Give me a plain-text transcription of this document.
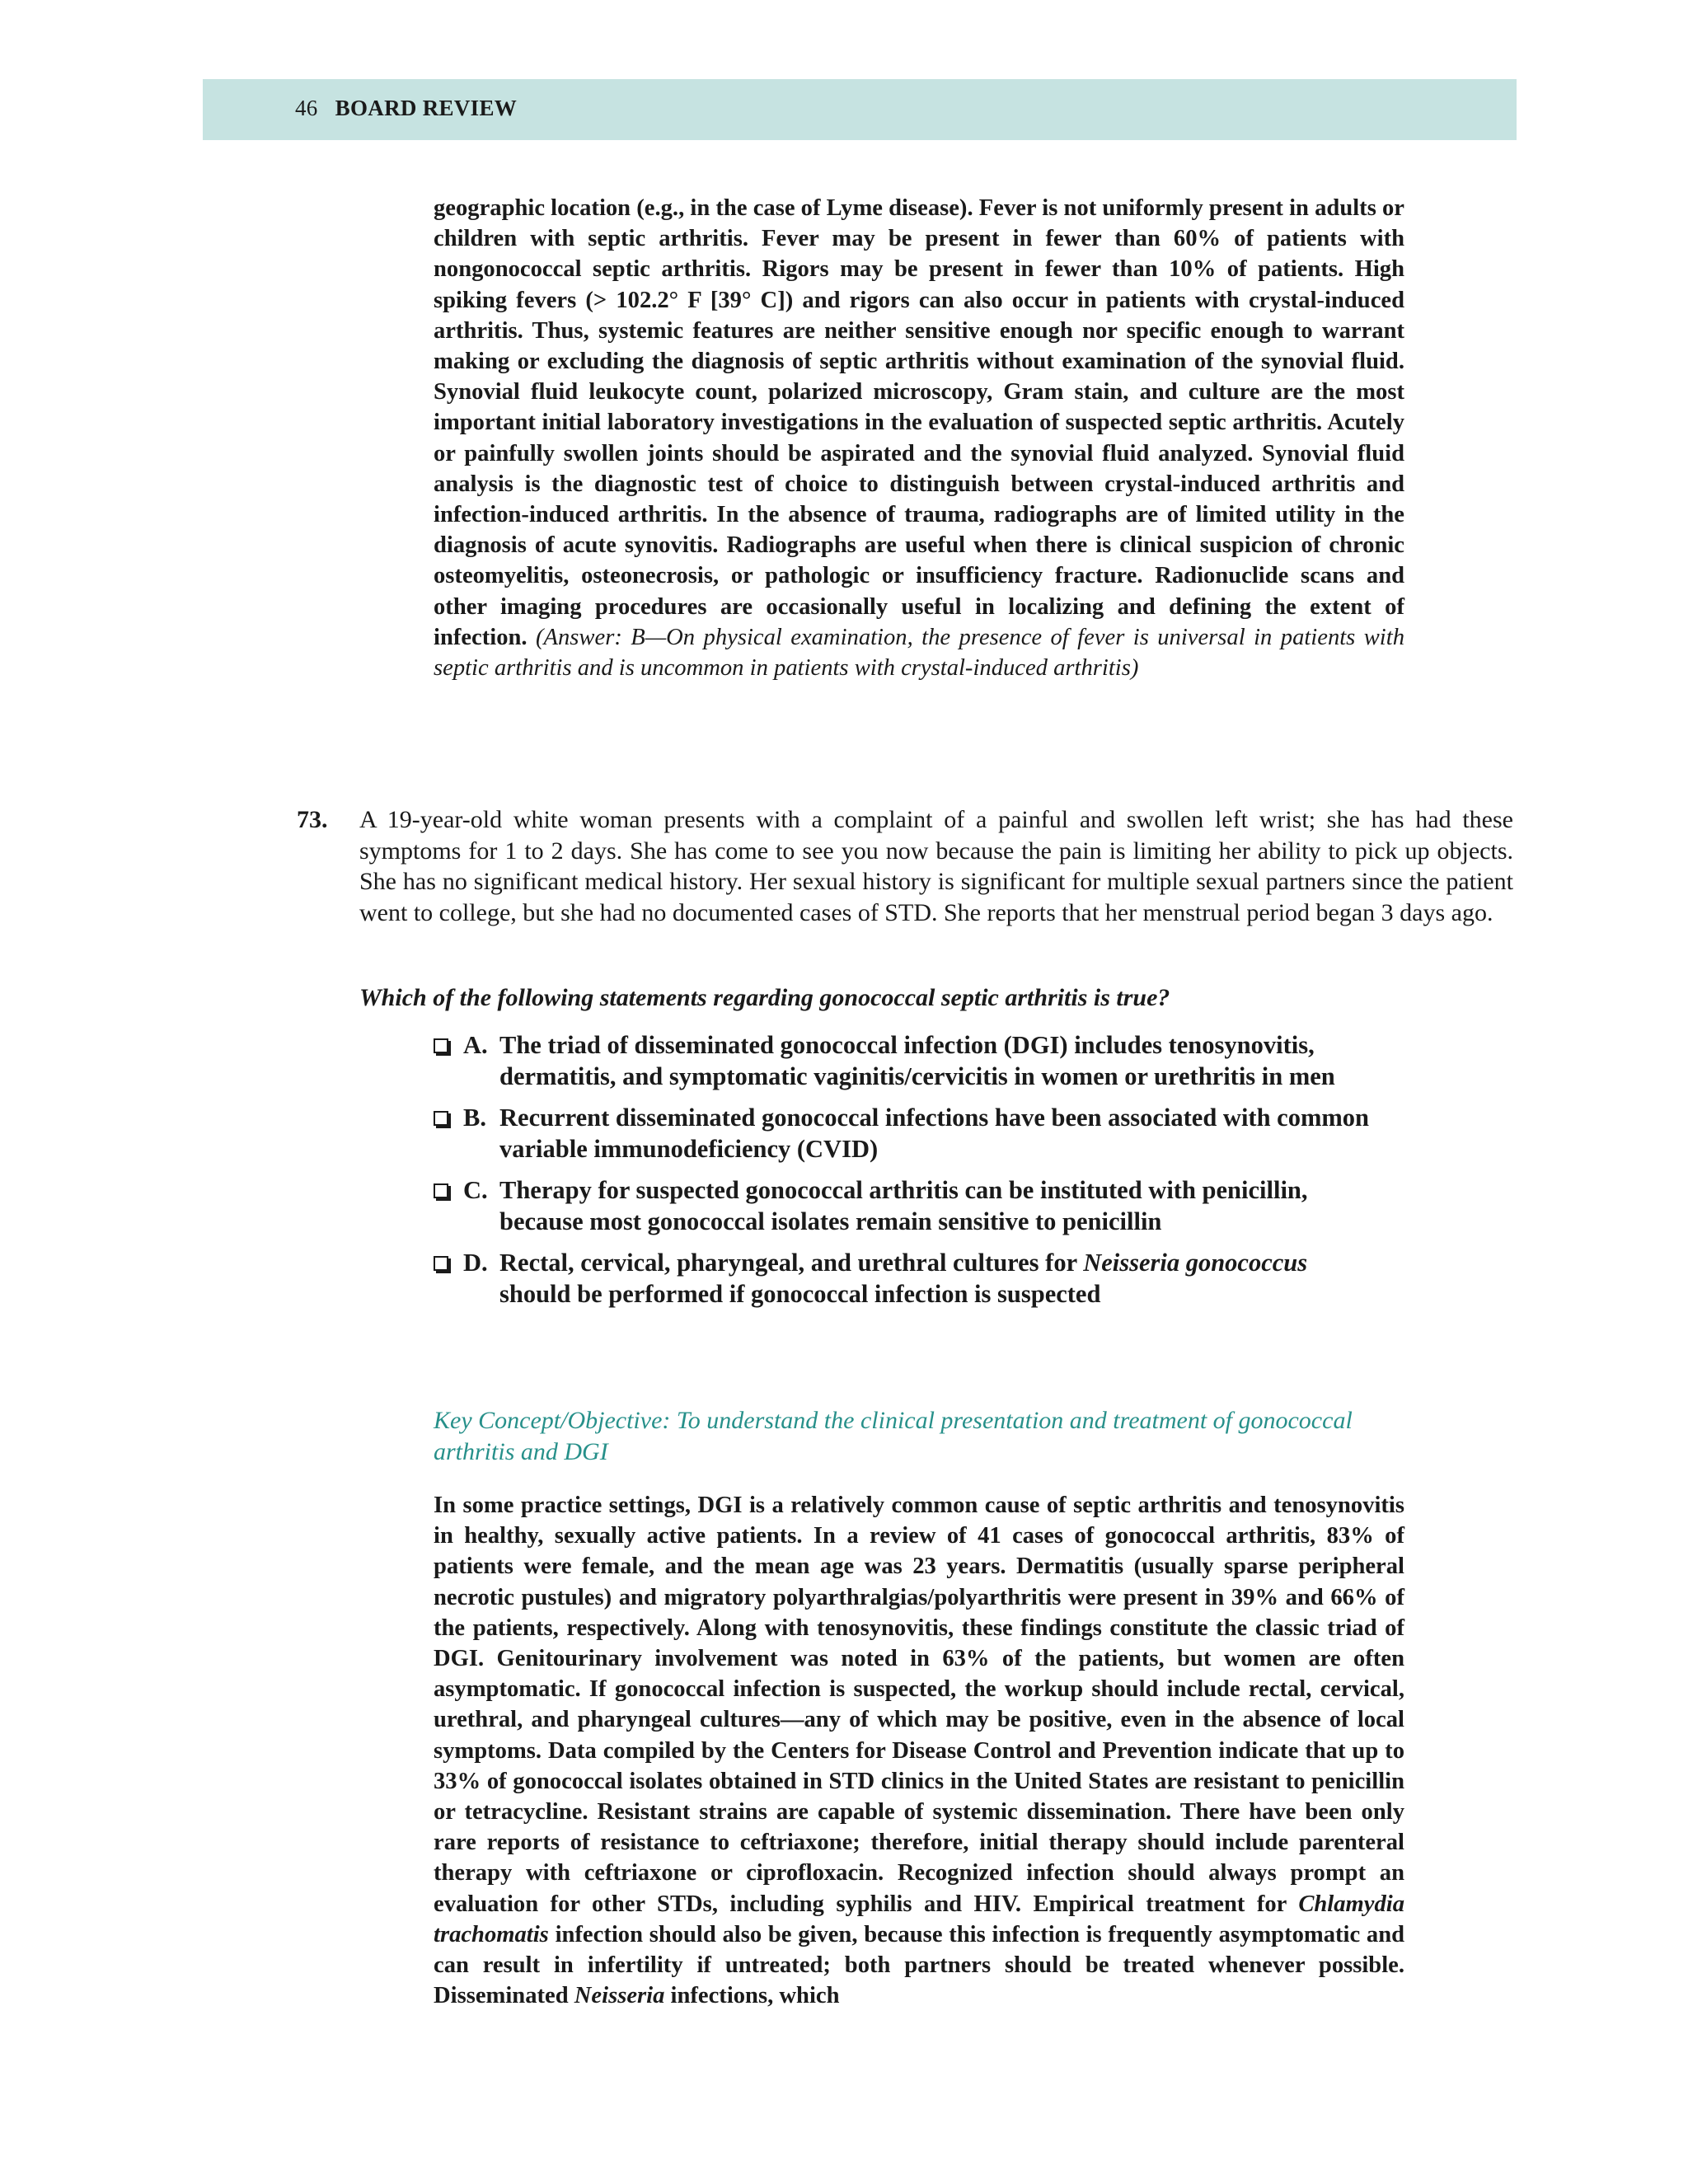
46 BOARD REVIEW

geographic location (e.g., in the case of Lyme disease). Fever is not uniformly present in adults or children with septic arthritis. Fever may be present in fewer than 60% of patients with nongonococcal septic arthritis. Rigors may be present in fewer than 10% of patients. High spiking fevers (> 102.2° F [39° C]) and rigors can also occur in patients with crystal-induced arthritis. Thus, systemic features are neither sensitive enough nor specific enough to warrant making or excluding the diagnosis of septic arthritis without examination of the synovial fluid. Synovial fluid leukocyte count, polarized microscopy, Gram stain, and culture are the most important initial laboratory investigations in the evaluation of suspected septic arthritis. Acutely or painfully swollen joints should be aspirated and the synovial fluid analyzed. Synovial fluid analysis is the diagnostic test of choice to distinguish between crystal-induced arthritis and infection-induced arthritis. In the absence of trauma, radiographs are of limited utility in the diagnosis of acute synovitis. Radiographs are useful when there is clinical suspicion of chronic osteomyelitis, osteonecrosis, or pathologic or insufficiency fracture. Radionuclide scans and other imaging procedures are occasionally useful in localizing and defining the extent of infection. (Answer: B—On physical examination, the presence of fever is universal in patients with septic arthritis and is uncommon in patients with crystal-induced arthritis)

73. A 19-year-old white woman presents with a complaint of a painful and swollen left wrist; she has had these symptoms for 1 to 2 days. She has come to see you now because the pain is limiting her ability to pick up objects. She has no significant medical history. Her sexual history is significant for multiple sexual partners since the patient went to college, but she had no documented cases of STD. She reports that her menstrual period began 3 days ago.

Which of the following statements regarding gonococcal septic arthritis is true?

A. The triad of disseminated gonococcal infection (DGI) includes tenosynovitis, dermatitis, and symptomatic vaginitis/cervicitis in women or urethritis in men
B. Recurrent disseminated gonococcal infections have been associated with common variable immunodeficiency (CVID)
C. Therapy for suspected gonococcal arthritis can be instituted with penicillin, because most gonococcal isolates remain sensitive to penicillin
D. Rectal, cervical, pharyngeal, and urethral cultures for Neisseria gonococcus should be performed if gonococcal infection is suspected

Key Concept/Objective: To understand the clinical presentation and treatment of gonococcal arthritis and DGI

In some practice settings, DGI is a relatively common cause of septic arthritis and tenosynovitis in healthy, sexually active patients. In a review of 41 cases of gonococcal arthritis, 83% of patients were female, and the mean age was 23 years. Dermatitis (usually sparse peripheral necrotic pustules) and migratory polyarthralgias/polyarthritis were present in 39% and 66% of the patients, respectively. Along with tenosynovitis, these findings constitute the classic triad of DGI. Genitourinary involvement was noted in 63% of the patients, but women are often asymptomatic. If gonococcal infection is suspected, the workup should include rectal, cervical, urethral, and pharyngeal cultures—any of which may be positive, even in the absence of local symptoms. Data compiled by the Centers for Disease Control and Prevention indicate that up to 33% of gonococcal isolates obtained in STD clinics in the United States are resistant to penicillin or tetracycline. Resistant strains are capable of systemic dissemination. There have been only rare reports of resistance to ceftriaxone; therefore, initial therapy should include parenteral therapy with ceftriaxone or ciprofloxacin. Recognized infection should always prompt an evaluation for other STDs, including syphilis and HIV. Empirical treatment for Chlamydia trachomatis infection should also be given, because this infection is frequently asymptomatic and can result in infertility if untreated; both partners should be treated whenever possible. Disseminated Neisseria infections, which
